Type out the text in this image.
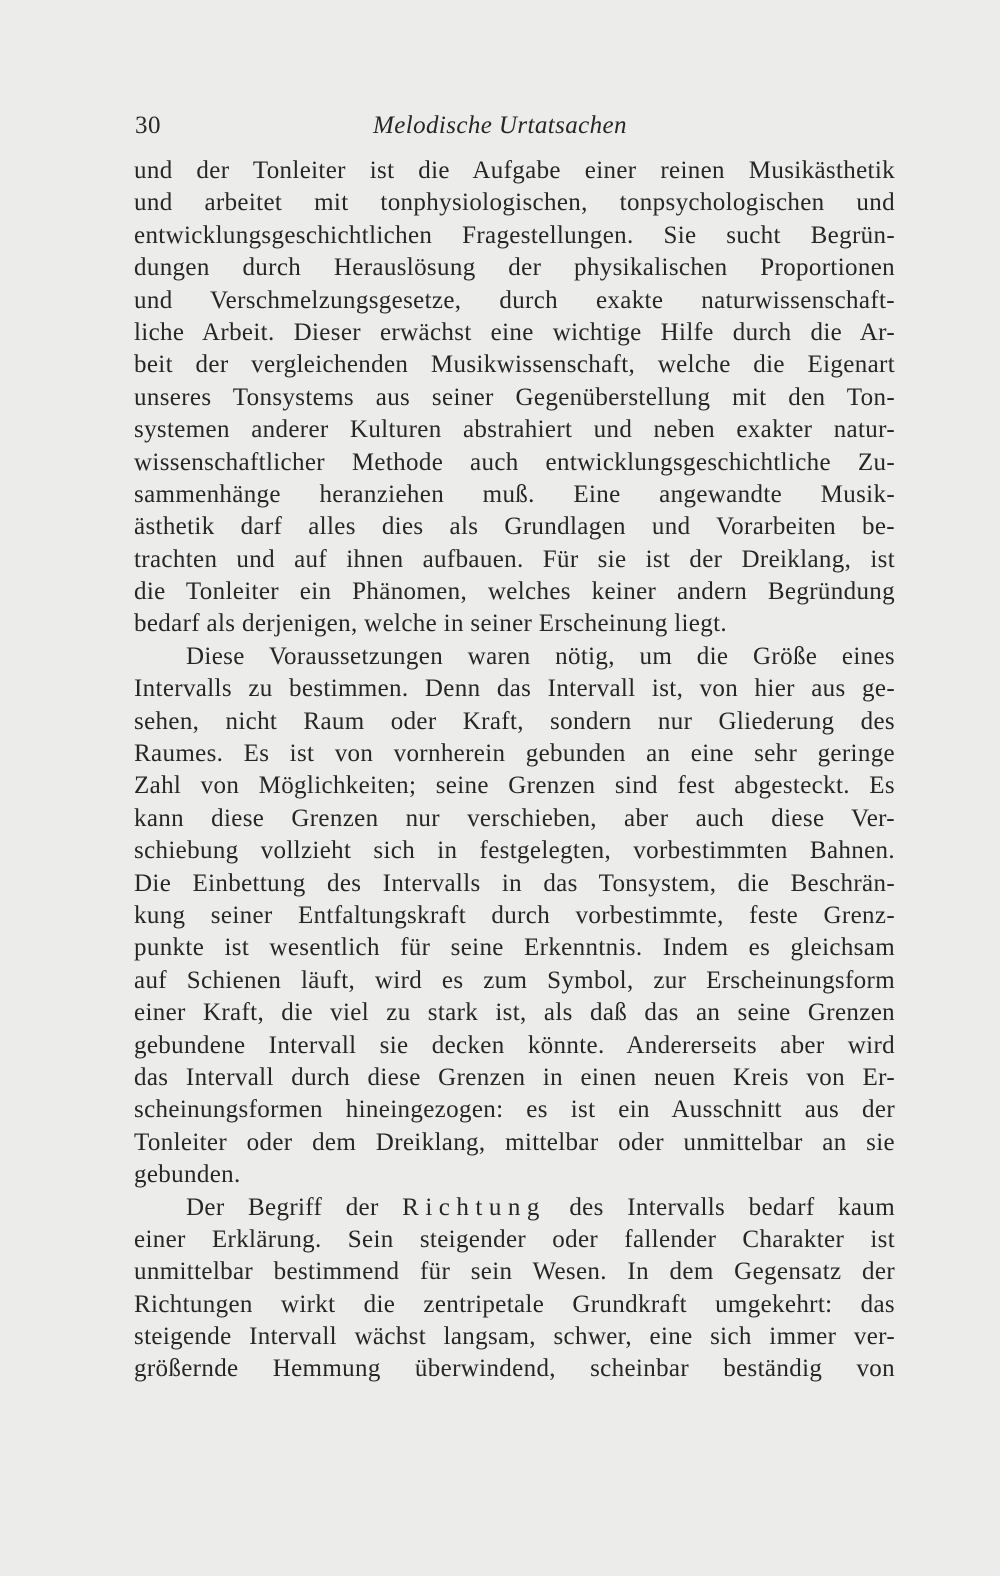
30	Melodische Urtatsachen
und der Tonleiter ist die Aufgabe einer reinen Musikästhetik
und arbeitet mit tonphysiologischen, tonpsychologischen und
entwicklungsgeschichtlichen Fragestellungen. Sie sucht Begrün-
dungen durch Herauslösung der physikalischen Proportionen
und Verschmelzungsgesetze, durch exakte naturwissenschaft-
liche Arbeit. Dieser erwächst eine wichtige Hilfe durch die Ar-
beit der vergleichenden Musikwissenschaft, welche die Eigenart
unseres Tonsystems aus seiner Gegenüberstellung mit den Ton-
systemen anderer Kulturen abstrahiert und neben exakter natur-
wissenschaftlicher Methode auch entwicklungsgeschichtliche Zu-
sammenhänge heranziehen muß. Eine angewandte Musik-
ästhetik darf alles dies als Grundlagen und Vorarbeiten be-
trachten und auf ihnen aufbauen. Für sie ist der Dreiklang, ist
die Tonleiter ein Phänomen, welches keiner andern Begründung
bedarf als derjenigen, welche in seiner Erscheinung liegt.
Diese Voraussetzungen waren nötig, um die Größe eines
Intervalls zu bestimmen. Denn das Intervall ist, von hier aus ge-
sehen, nicht Raum oder Kraft, sondern nur Gliederung des
Raumes. Es ist von vornherein gebunden an eine sehr geringe
Zahl von Möglichkeiten; seine Grenzen sind fest abgesteckt. Es
kann diese Grenzen nur verschieben, aber auch diese Ver-
schiebung vollzieht sich in festgelegten, vorbestimmten Bahnen.
Die Einbettung des Intervalls in das Tonsystem, die Beschrän-
kung seiner Entfaltungskraft durch vorbestimmte, feste Grenz-
punkte ist wesentlich für seine Erkenntnis. Indem es gleichsam
auf Schienen läuft, wird es zum Symbol, zur Erscheinungsform
einer Kraft, die viel zu stark ist, als daß das an seine Grenzen
gebundene Intervall sie decken könnte. Andererseits aber wird
das Intervall durch diese Grenzen in einen neuen Kreis von Er-
scheinungsformen hineingezogen: es ist ein Ausschnitt aus der
Tonleiter oder dem Dreiklang, mittelbar oder unmittelbar an sie
gebunden.
Der Begriff der Richtung des Intervalls bedarf kaum
einer Erklärung. Sein steigender oder fallender Charakter ist
unmittelbar bestimmend für sein Wesen. In dem Gegensatz der
Richtungen wirkt die zentripetale Grundkraft umgekehrt: das
steigende Intervall wächst langsam, schwer, eine sich immer ver-
größernde Hemmung überwindend, scheinbar beständig von
